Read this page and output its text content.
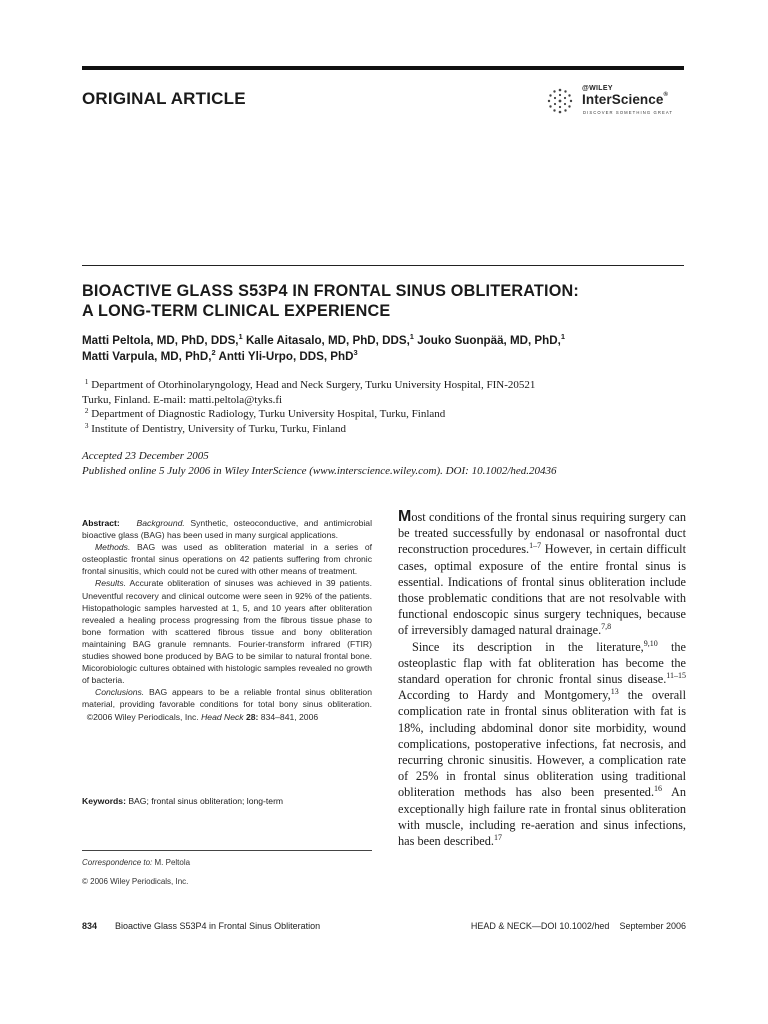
ORIGINAL ARTICLE
@WILEY
InterScience®
DISCOVER SOMETHING GREAT
BIOACTIVE GLASS S53P4 IN FRONTAL SINUS OBLITERATION:
A LONG-TERM CLINICAL EXPERIENCE
Matti Peltola, MD, PhD, DDS,$^1$ Kalle Aitasalo, MD, PhD, DDS,$^1$ Jouko Suonpää, MD, PhD,$^1$
Matti Varpula, MD, PhD,$^2$ Antti Yli-Urpo, DDS, PhD$^3$
$^1$ Department of Otorhinolaryngology, Head and Neck Surgery, Turku University Hospital, FIN-20521
Turku, Finland. E-mail: matti.peltola@tyks.fi
$^2$ Department of Diagnostic Radiology, Turku University Hospital, Turku, Finland
$^3$ Institute of Dentistry, University of Turku, Turku, Finland
Accepted 23 December 2005
Published online 5 July 2006 in Wiley InterScience (www.interscience.wiley.com). DOI: 10.1002/hed.20436

Abstract: Background. Synthetic, osteoconductive, and antimicrobial bioactive glass (BAG) has been used in many surgical applications.

Methods. BAG was used as obliteration material in a series of osteoplastic frontal sinus operations on 42 patients suffering from chronic frontal sinusitis, which could not be cured with other means of treatment.

Results. Accurate obliteration of sinuses was achieved in 39 patients. Uneventful recovery and clinical outcome were seen in 92% of the patients. Histopathologic samples harvested at 1, 5, and 10 years after obliteration revealed a healing process progressing from the fibrous tissue phase to bone formation with scattered fibrous tissue and bony obliteration maintaining BAG granule remnants. Fourier-transform infrared (FTIR) studies showed bone produced by BAG to be similar to natural frontal bone. Micorobiologic cultures obtained with histologic samples revealed no growth of bacteria.

Conclusions. BAG appears to be a reliable frontal sinus obliteration material, providing favorable conditions for total bony sinus obliteration.   ©2006 Wiley Periodicals, Inc. Head Neck 28: 834–841, 2006

Keywords: BAG; frontal sinus obliteration; long-term
Correspondence to: M. Peltola
© 2006 Wiley Periodicals, Inc.

Most conditions of the frontal sinus requiring surgery can be treated successfully by endonasal or nasofrontal duct reconstruction procedures.$^{1-7}$ However, in certain difficult cases, optimal exposure of the entire frontal sinus is essential. Indications of frontal sinus obliteration include those problematic conditions that are not resolvable with functional endoscopic sinus surgery techniques, because of irreversibly damaged natural drainage.$^{7,8}$

Since its description in the literature,$^{9,10}$ the osteoplastic flap with fat obliteration has become the standard operation for chronic frontal sinus disease.$^{11-15}$ According to Hardy and Montgomery,$^{13}$ the overall complication rate in frontal sinus obliteration with fat is 18%, including abdominal donor site morbidity, wound complications, postoperative infections, fat necrosis, and recurring chronic sinusitis. However, a complication rate of 25% in frontal sinus obliteration using traditional obliteration methods has also been presented.$^{16}$ An exceptionally high failure rate in frontal sinus obliteration with muscle, including re-aeration and sinus infections, has been described.$^{17}$

834 Bioactive Glass S53P4 in Frontal Sinus Obliteration	HEAD & NECK—DOI 10.1002/hed September 2006
